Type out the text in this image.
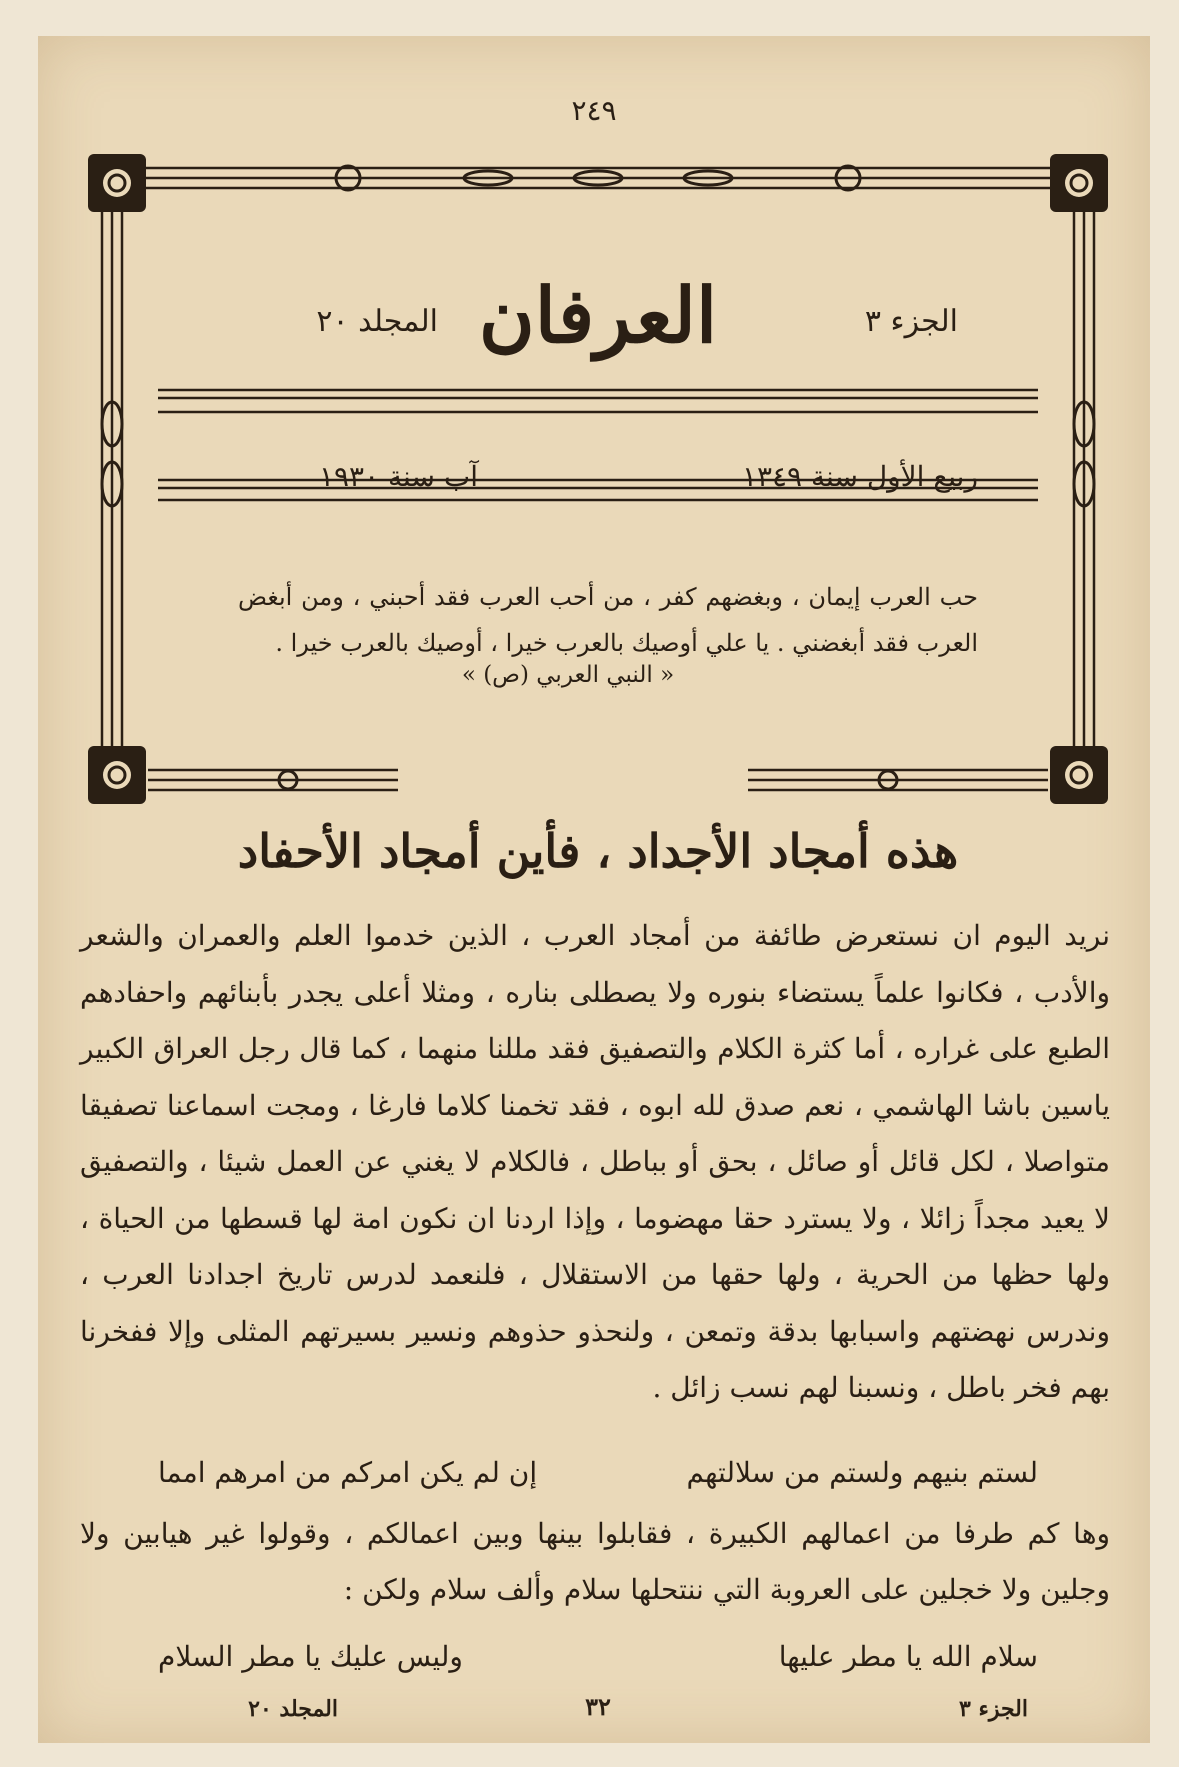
٢٤٩
العرفان	الجزء ٣
المجلد ٢٠
ربيع الأول سنة ١٣٤٩
آب سنة ١٩٣٠
حب العرب إيمان ، وبغضهم كفر ، من أحب العرب فقد أحبني ، ومن أبغض العرب فقد أبغضني . يا علي أوصيك بالعرب خيرا ، أوصيك بالعرب خيرا .
« النبي العربي (ص) »
هذه أمجاد الأجداد ، فأين أمجاد الأحفاد
نريد اليوم ان نستعرض طائفة من أمجاد العرب ، الذين خدموا العلم والعمران والشعر والأدب ، فكانوا علماً يستضاء بنوره ولا يصطلى بناره ، ومثلا أعلى يجدر بأبنائهم واحفادهم الطبع على غراره ، أما كثرة الكلام والتصفيق فقد مللنا منهما ، كما قال رجل العراق الكبير ياسين باشا الهاشمي ، نعم صدق لله ابوه ، فقد تخمنا كلاما فارغا ، ومجت اسماعنا تصفيقا متواصلا ، لكل قائل أو صائل ، بحق أو بباطل ، فالكلام لا يغني عن العمل شيئا ، والتصفيق لا يعيد مجداً زائلا ، ولا يسترد حقا مهضوما ، وإذا اردنا ان نكون امة لها قسطها من الحياة ، ولها حظها من الحرية ، ولها حقها من الاستقلال ، فلنعمد لدرس تاريخ اجدادنا العرب ، وندرس نهضتهم واسبابها بدقة وتمعن ، ولنحذو حذوهم ونسير بسيرتهم المثلى وإلا ففخرنا بهم فخر باطل ، ونسبنا لهم نسب زائل .
لستم بنيهم ولستم من سلالتهم
إن لم يكن امركم من امرهم امما
وها كم طرفا من اعمالهم الكبيرة ، فقابلوا بينها وبين اعمالكم ، وقولوا غير هيابين ولا وجلين ولا خجلين على العروبة التي ننتحلها سلام وألف سلام ولكن :
سلام الله يا مطر عليها
وليس عليك يا مطر السلام
الجزء ٣
٣٢
المجلد ٢٠
